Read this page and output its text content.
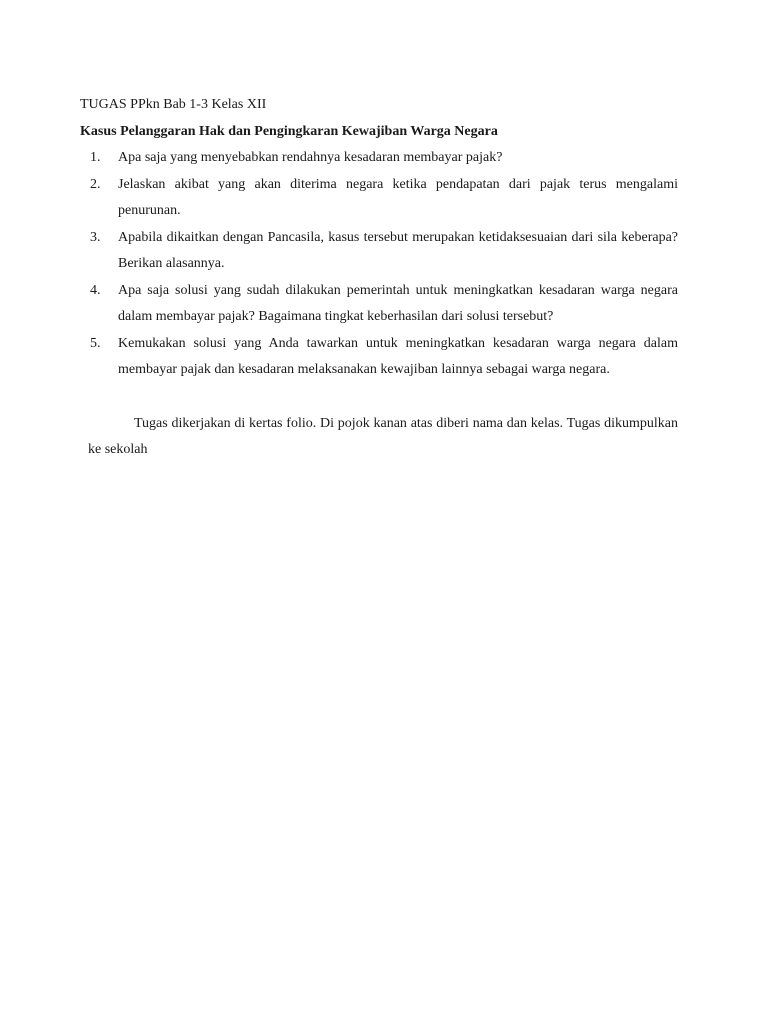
TUGAS PPkn Bab 1-3 Kelas XII

Kasus Pelanggaran Hak dan Pengingkaran Kewajiban Warga Negara

1. Apa saja yang menyebabkan rendahnya kesadaran membayar pajak?
2. Jelaskan akibat yang akan diterima negara ketika pendapatan dari pajak terus mengalami penurunan.
3. Apabila dikaitkan dengan Pancasila, kasus tersebut merupakan ketidaksesuaian dari sila keberapa? Berikan alasannya.
4. Apa saja solusi yang sudah dilakukan pemerintah untuk meningkatkan kesadaran warga negara dalam membayar pajak? Bagaimana tingkat keberhasilan dari solusi tersebut?
5. Kemukakan solusi yang Anda tawarkan untuk meningkatkan kesadaran warga negara dalam membayar pajak dan kesadaran melaksanakan kewajiban lainnya sebagai warga negara.

Tugas dikerjakan di kertas folio. Di pojok kanan atas diberi nama dan kelas. Tugas dikumpulkan ke sekolah
